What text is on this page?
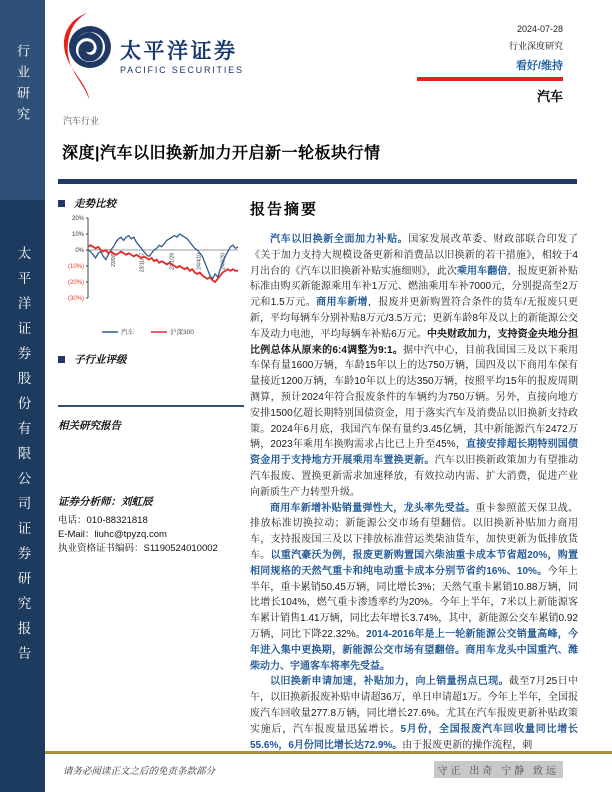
行业研究
太平洋证券股份有限公司证券研究报告
太平洋证券
PACIFIC SECURITIES
2024-07-28
行业深度研究
看好/维持
汽车
汽车行业
深度|汽车以旧换新加力开启新一轮板块行情
走势比较
20%
10%
0%
(10%)
(20%)
(30%)
23/9/8	23/11/17	24/1/29	24/4/10	24/6/20
汽车	沪深300
子行业评级
相关研究报告
证券分析师：刘虹辰
电话：010-88321818
E-Mail：liuhc@tpyzq.com
执业资格证书编码：S1190524010002
报告摘要

汽车以旧换新全面加力补贴。国家发展改革委、财政部联合印发了《关于加力支持大规模设备更新和消费品以旧换新的若干措施》，相较于4月出台的《汽车以旧换新补贴实施细则》，此次乘用车翻倍，报废更新补贴标准由购买新能源乘用车补1万元、燃油乘用车补7000元，分别提高至2万元和1.5万元。商用车新增，报废并更新购置符合条件的货车/无报废只更新，平均每辆车分别补贴8万元/3.5万元；更新车龄8年及以上的新能源公交车及动力电池，平均每辆车补贴6万元。中央财政加力，支持资金央地分担比例总体从原来的6:4调整为9:1。据中汽中心，目前我国国三及以下乘用车保有量1600万辆，车龄15年以上的达750万辆，国四及以下商用车保有量接近1200万辆，车龄10年以上的达350万辆，按照平均15年的报废周期测算，预计2024年符合报废条件的车辆约为750万辆。另外，直接向地方安排1500亿超长期特别国债资金，用于落实汽车及消费品以旧换新支持政策。2024年6月底，我国汽车保有量约3.45亿辆，其中新能源汽车2472万辆，2023年乘用车换购需求占比已上升至45%，直接安排超长期特别国债资金用于支持地方开展乘用车置换更新。汽车以旧换新政策加力有望推动汽车报废、置换更新需求加速释放，有效拉动内需、扩大消费，促进产业向新质生产力转型升级。

商用车新增补贴销量弹性大，龙头率先受益。重卡参照蓝天保卫战、排放标准切换拉动；新能源公交市场有望翻倍。以旧换新补贴加力商用车，支持报废国三及以下排放标准营运类柴油货车，加快更新为低排放货车。以重汽豪沃为例，报废更新购置国六柴油重卡成本节省超20%，购置相同规格的天然气重卡和纯电动重卡成本分别节省约16%、10%。今年上半年，重卡累销50.45万辆，同比增长3%；天然气重卡累销10.88万辆，同比增长104%，燃气重卡渗透率约为20%。今年上半年，7米以上新能源客车累计销售1.41万辆，同比去年增长3.74%，其中，新能源公交车累销0.92万辆，同比下降22.32%。2014-2016年是上一轮新能源公交销量高峰，今年进入集中更换期，新能源公交市场有望翻倍。商用车龙头中国重汽、潍柴动力、宇通客车将率先受益。

以旧换新申请加速，补贴加力，向上销量拐点已现。截至7月25日中午，以旧换新报废补贴申请超36万，单日申请超1万。今年上半年，全国报废汽车回收量277.8万辆，同比增长27.6%。尤其在汽车报废更新补贴政策实施后，汽车报废量迅猛增长。5月份，全国报废汽车回收量同比增长55.6%，6月份同比增长达72.9%。由于报废更新的操作流程，刺

请务必阅读正文之后的免责条款部分	守正 出奇 宁静 致远
